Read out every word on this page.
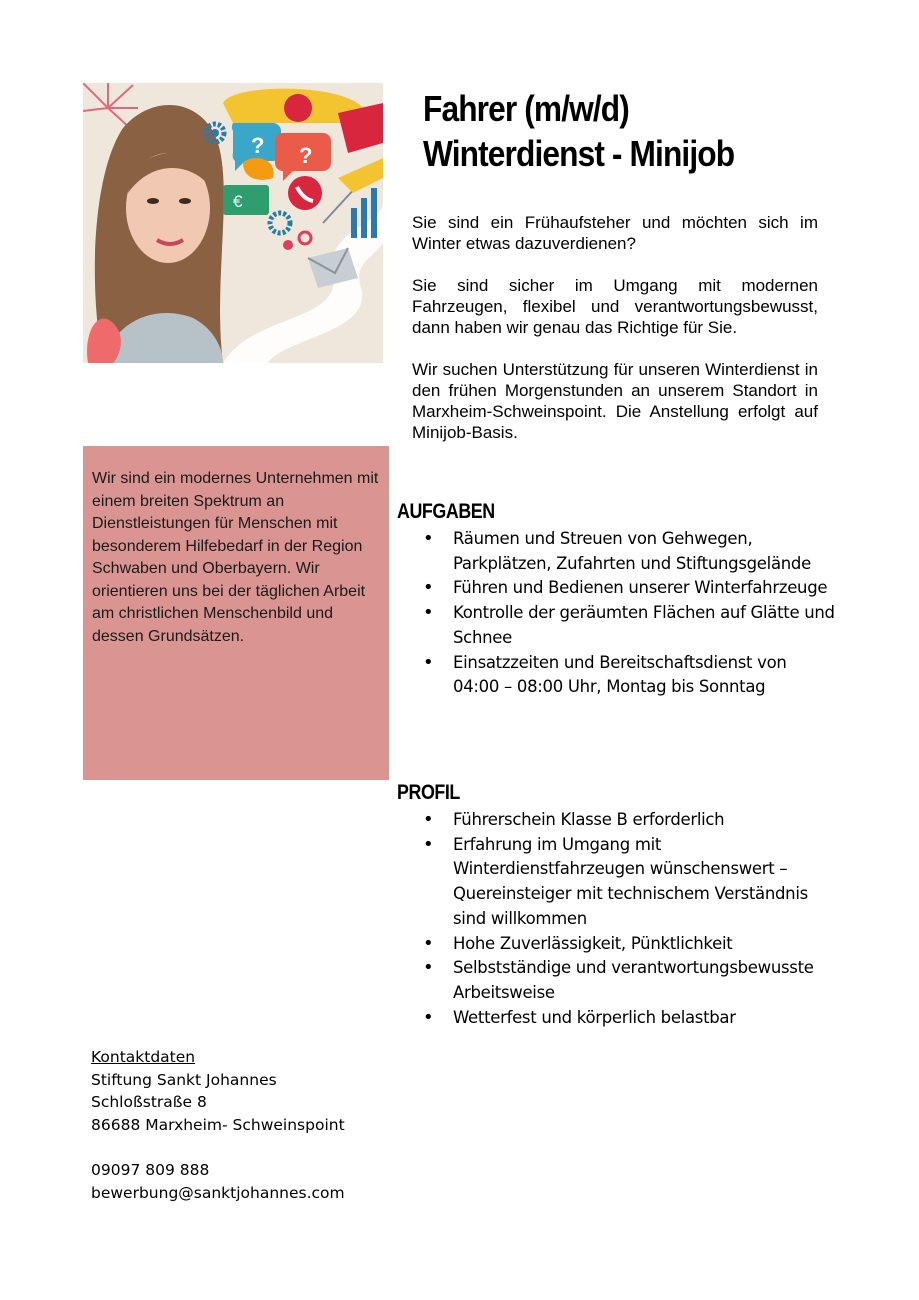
? ?
€
Fahrer (m/w/d)
Winterdienst - Minijob

Sie sind ein Frühaufsteher und möchten sich im Winter etwas dazuverdienen?

Sie sind sicher im Umgang mit modernen Fahrzeugen, flexibel und verantwortungsbewusst, dann haben wir genau das Richtige für Sie.

Wir suchen Unterstützung für unseren Winterdienst in den frühen Morgenstunden an unserem Standort in Marxheim-Schweinspoint. Die Anstellung erfolgt auf Minijob-Basis.

Wir sind ein modernes Unternehmen mit einem breiten Spektrum an Dienstleistungen für Menschen mit besonderem Hilfebedarf in der Region Schwaben und Oberbayern. Wir orientieren uns bei der täglichen Arbeit am christlichen Menschenbild und dessen Grundsätzen.

AUFGABEN
• Räumen und Streuen von Gehwegen, Parkplätzen, Zufahrten und Stiftungsgelände
• Führen und Bedienen unserer Winterfahrzeuge
• Kontrolle der geräumten Flächen auf Glätte und Schnee
• Einsatzzeiten und Bereitschaftsdienst von 04:00 – 08:00 Uhr, Montag bis Sonntag
PROFIL
• Führerschein Klasse B erforderlich
• Erfahrung im Umgang mit Winterdienstfahrzeugen wünschenswert – Quereinsteiger mit technischem Verständnis sind willkommen
• Hohe Zuverlässigkeit, Pünktlichkeit
• Selbstständige und verantwortungsbewusste Arbeitsweise
• Wetterfest und körperlich belastbar
Kontaktdaten
Stiftung Sankt Johannes
Schloßstraße 8
86688 Marxheim- Schweinspoint
09097 809 888
bewerbung@sanktjohannes.com
